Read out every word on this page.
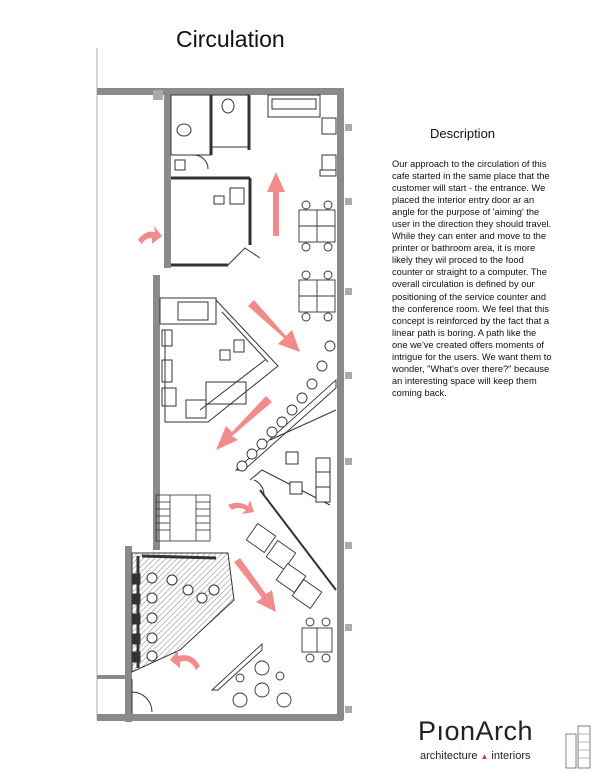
Circulation
Description

Our approach to the circulation of this cafe started in the same place that the customer will start - the entrance. We placed the interior entry door ar an angle for the purpose of 'aiming' the user in the direction they should travel. While they can enter and move to the printer or bathroom area, it is more likely they wil proced to the food counter or straight to a computer. The overall circulation is defined by our positioning of the service counter and the conference room. We feel that this concept is reinforced by the fact that a linear path is boring. A path like the one we've created offers moments of intrigue for the users. We want them to wonder, "What's over there?" because an interesting space will keep them coming back.

PıonArch
architecture ▲ interiors
